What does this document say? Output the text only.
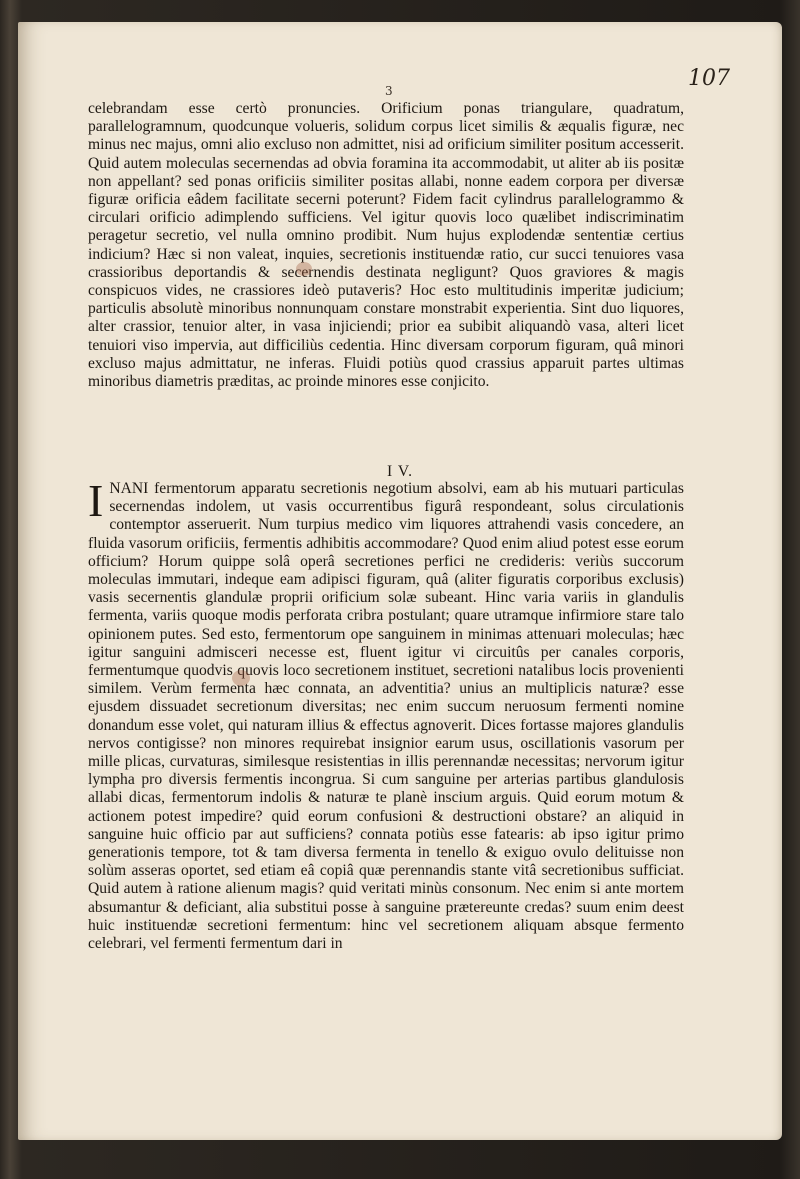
107
3
celebrandam esse certò pronuncies. Orificium ponas triangulare, quadratum, parallelogramnum, quodcunque volueris, solidum corpus licet similis & æqualis figuræ, nec minus nec majus, omni alio excluso non admittet, nisi ad orificium similiter positum accesserit. Quid autem moleculas secernendas ad obvia foramina ita accommodabit, ut aliter ab iis positæ non appellant? sed ponas orificiis similiter positas allabi, nonne eadem corpora per diversæ figuræ orificia eâdem facilitate secerni poterunt? Fidem facit cylindrus parallelogrammo & circulari orificio adimplendo sufficiens. Vel igitur quovis loco quælibet indiscriminatim peragetur secretio, vel nulla omnino prodibit. Num hujus explodendæ sententiæ certius indicium? Hæc si non valeat, inquies, secretionis instituendæ ratio, cur succi tenuiores vasa crassioribus deportandis & secernendis destinata negligunt? Quos graviores & magis conspicuos vides, ne crassiores ideò putaveris? Hoc esto multitudinis imperitæ judicium; particulis absolutè minoribus nonnunquam constare monstrabit experientia. Sint duo liquores, alter crassior, tenuior alter, in vasa injiciendi; prior ea subibit aliquandò vasa, alteri licet tenuiori viso impervia, aut difficiliùs cedentia. Hinc diversam corporum figuram, quâ minori excluso majus admittatur, ne inferas. Fluidi potiùs quod crassius apparuit partes ultimas minoribus diametris præditas, ac proinde minores esse conjicito.
I V.
INANI fermentorum apparatu secretionis negotium absolvi, eam ab his mutuari particulas secernendas indolem, ut vasis occurrentibus figurâ respondeant, solus circulationis contemptor asseruerit. Num turpius medico vim liquores attrahendi vasis concedere, an fluida vasorum orificiis, fermentis adhibitis accommodare? Quod enim aliud potest esse eorum officium? Horum quippe solâ operâ secretiones perfici ne credideris: veriùs succorum moleculas immutari, indeque eam adipisci figuram, quâ (aliter figuratis corporibus exclusis) vasis secernentis glandulæ proprii orificium solæ subeant. Hinc varia variis in glandulis fermenta, variis quoque modis perforata cribra postulant; quare utramque infirmiore stare talo opinionem putes. Sed esto, fermentorum ope sanguinem in minimas attenuari moleculas; hæc igitur sanguini admisceri necesse est, fluent igitur vi circuitûs per canales corporis, fermentumque quodvis quovis loco secretionem instituet, secretioni natalibus locis provenienti similem. Verùm fermenta hæc connata, an adventitia? unius an multiplicis naturæ? esse ejusdem dissuadet secretionum diversitas; nec enim succum neruosum fermenti nomine donandum esse volet, qui naturam illius & effectus agnoverit. Dices fortasse majores glandulis nervos contigisse? non minores requirebat insignior earum usus, oscillationis vasorum per mille plicas, curvaturas, similesque resistentias in illis perennandæ necessitas; nervorum igitur lympha pro diversis fermentis incongrua. Si cum sanguine per arterias partibus glandulosis allabi dicas, fermentorum indolis & naturæ te planè inscium arguis. Quid eorum motum & actionem potest impedire? quid eorum confusioni & destructioni obstare? an aliquid in sanguine huic officio par aut sufficiens? connata potiùs esse fatearis: ab ipso igitur primo generationis tempore, tot & tam diversa fermenta in tenello & exiguo ovulo delituisse non solùm asseras oportet, sed etiam eâ copiâ quæ perennandis stante vitâ secretionibus sufficiat. Quid autem à ratione alienum magis? quid veritati minùs consonum. Nec enim si ante mortem absumantur & deficiant, alia substitui posse à sanguine prætereunte credas? suum enim deest huic instituendæ secretioni fermentum: hinc vel secretionem aliquam absque fermento celebrari, vel fermenti fermentum dari in
